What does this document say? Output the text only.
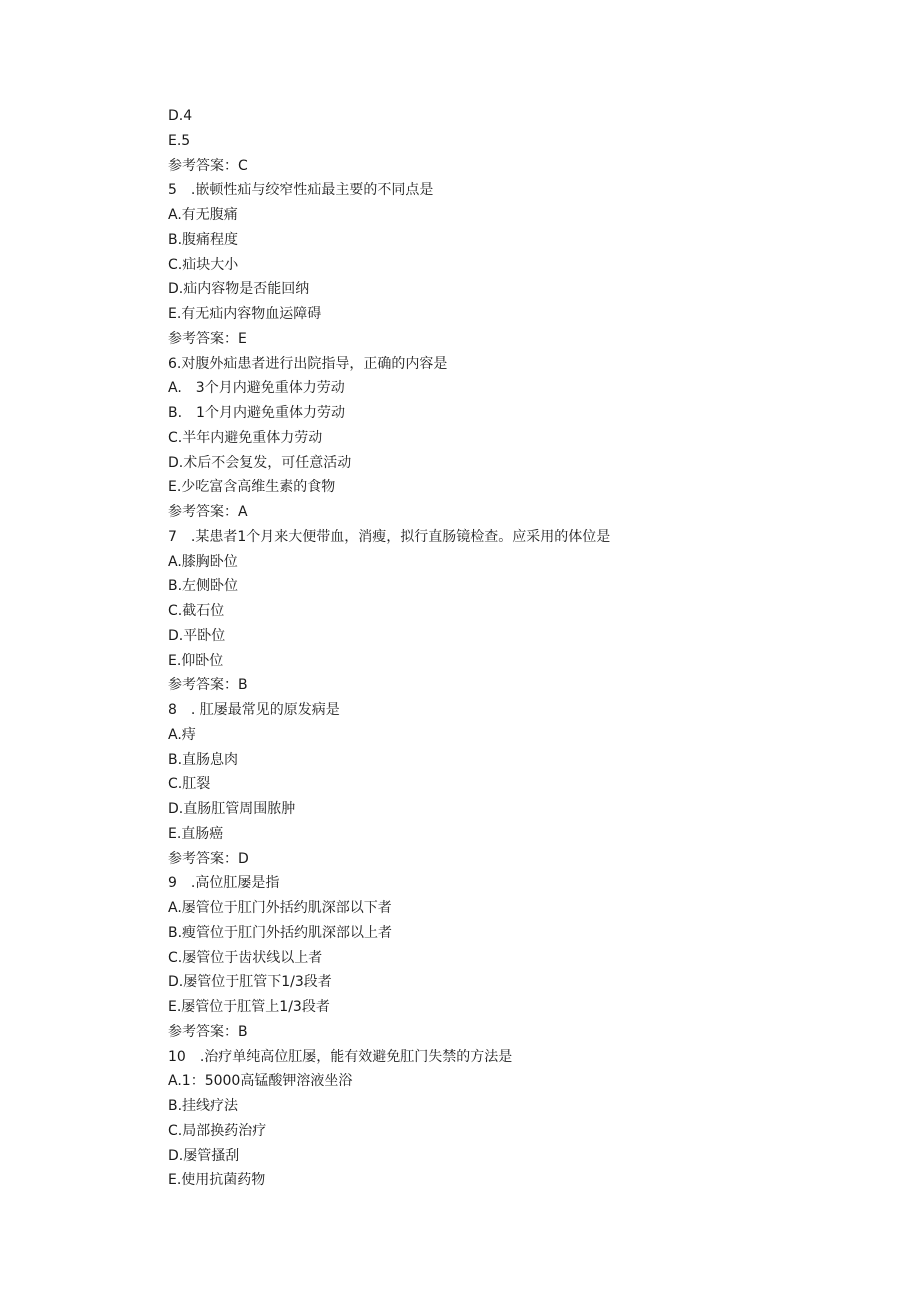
D.4
E.5
参考答案：C
5　.嵌顿性疝与绞窄性疝最主要的不同点是
A.有无腹痛
B.腹痛程度
C.疝块大小
D.疝内容物是否能回纳
E.有无疝内容物血运障碍
参考答案：E
6.对腹外疝患者进行出院指导，正确的内容是
A.　3个月内避免重体力劳动
B.　1个月内避免重体力劳动
C.半年内避免重体力劳动
D.术后不会复发，可任意活动
E.少吃富含高维生素的食物
参考答案：A
7　.某患者1个月来大便带血，消瘦，拟行直肠镜检查。应采用的体位是
A.膝胸卧位
B.左侧卧位
C.截石位
D.平卧位
E.仰卧位
参考答案：B
8　. 肛屡最常见的原发病是
A.痔
B.直肠息肉
C.肛裂
D.直肠肛管周围脓肿
E.直肠癌
参考答案：D
9　.高位肛屡是指
A.屡管位于肛门外括约肌深部以下者
B.瘦管位于肛门外括约肌深部以上者
C.屡管位于齿状线以上者
D.屡管位于肛管下1/3段者
E.屡管位于肛管上1/3段者
参考答案：B
10　.治疗单纯高位肛屡，能有效避免肛门失禁的方法是
A.1：5000高锰酸钾溶液坐浴
B.挂线疗法
C.局部换药治疗
D.屡管搔刮
E.使用抗菌药物
